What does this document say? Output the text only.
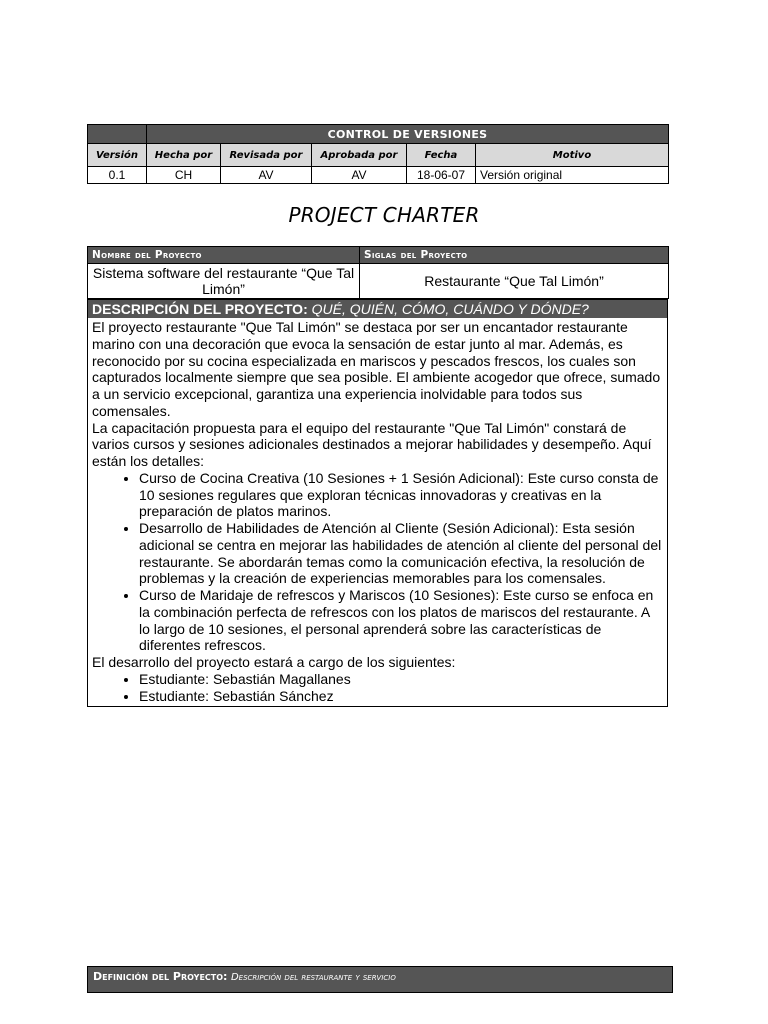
	CONTROL DE VERSIONES				
Versión	Hecha por	Revisada por	Aprobada por	Fecha	Motivo
0.1	CH	AV	AV	18-06-07	Versión original
PROJECT CHARTER
Nombre del Proyecto	Siglas del Proyecto
Sistema software del restaurante “Que Tal Limón”	Restaurante “Que Tal Limón”
DESCRIPCIÓN DEL PROYECTO: QUÉ, QUIÉN, CÓMO, CUÁNDO Y DÓNDE?

El proyecto restaurante "Que Tal Limón" se destaca por ser un encantador restaurante marino con una decoración que evoca la sensación de estar junto al mar. Además, es reconocido por su cocina especializada en mariscos y pescados frescos, los cuales son capturados localmente siempre que sea posible. El ambiente acogedor que ofrece, sumado a un servicio excepcional, garantiza una experiencia inolvidable para todos sus comensales.

La capacitación propuesta para el equipo del restaurante "Que Tal Limón" constará de varios cursos y sesiones adicionales destinados a mejorar habilidades y desempeño. Aquí están los detalles:

• Curso de Cocina Creativa (10 Sesiones + 1 Sesión Adicional): Este curso consta de 10 sesiones regulares que exploran técnicas innovadoras y creativas en la preparación de platos marinos.
• Desarrollo de Habilidades de Atención al Cliente (Sesión Adicional): Esta sesión adicional se centra en mejorar las habilidades de atención al cliente del personal del restaurante. Se abordarán temas como la comunicación efectiva, la resolución de problemas y la creación de experiencias memorables para los comensales.
• Curso de Maridaje de refrescos y Mariscos (10 Sesiones): Este curso se enfoca en la combinación perfecta de refrescos con los platos de mariscos del restaurante. A lo largo de 10 sesiones, el personal aprenderá sobre las características de diferentes refrescos.

El desarrollo del proyecto estará a cargo de los siguientes:

• Estudiante: Sebastián Magallanes
• Estudiante: Sebastián Sánchez
Definición del Proyecto: Descripción del restaurante y servicio
